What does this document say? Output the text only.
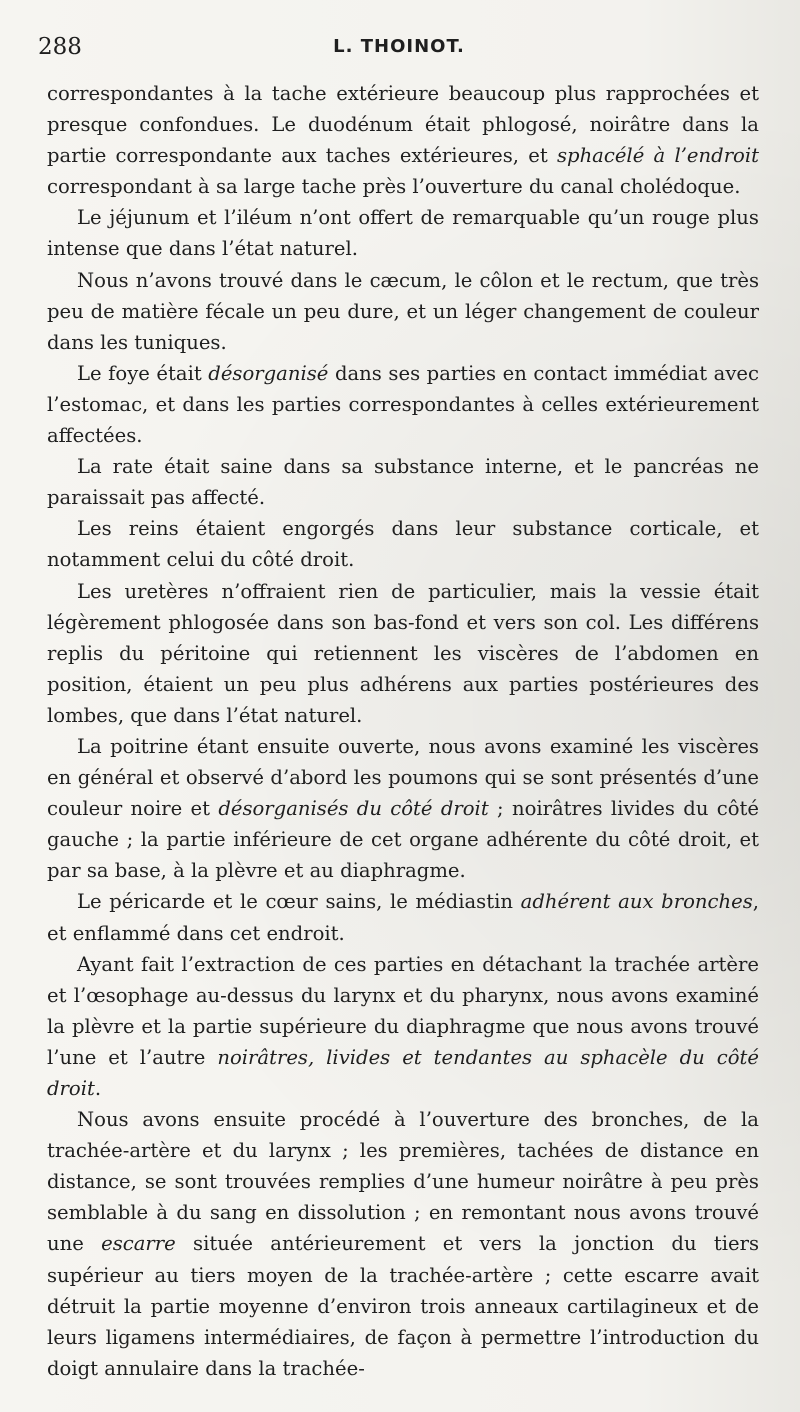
288	L. THOINOT.

correspondantes à la tache extérieure beaucoup plus rapprochées et presque confondues. Le duodénum était phlogosé, noirâtre dans la partie correspondante aux taches extérieures, et sphacélé à l’endroit correspondant à sa large tache près l’ouverture du canal cholédoque.

Le jéjunum et l’iléum n’ont offert de remarquable qu’un rouge plus intense que dans l’état naturel.

Nous n’avons trouvé dans le cæcum, le côlon et le rectum, que très peu de matière fécale un peu dure, et un léger changement de couleur dans les tuniques.

Le foye était désorganisé dans ses parties en contact immédiat avec l’estomac, et dans les parties correspondantes à celles extérieurement affectées.

La rate était saine dans sa substance interne, et le pancréas ne paraissait pas affecté.

Les reins étaient engorgés dans leur substance corticale, et notamment celui du côté droit.

Les uretères n’offraient rien de particulier, mais la vessie était légèrement phlogosée dans son bas-fond et vers son col. Les différens replis du péritoine qui retiennent les viscères de l’abdomen en position, étaient un peu plus adhérens aux parties postérieures des lombes, que dans l’état naturel.

La poitrine étant ensuite ouverte, nous avons examiné les viscères en général et observé d’abord les poumons qui se sont présentés d’une couleur noire et désorganisés du côté droit ; noirâtres livides du côté gauche ; la partie inférieure de cet organe adhérente du côté droit, et par sa base, à la plèvre et au diaphragme.

Le péricarde et le cœur sains, le médiastin adhérent aux bronches, et enflammé dans cet endroit.

Ayant fait l’extraction de ces parties en détachant la trachée artère et l’œsophage au-dessus du larynx et du pharynx, nous avons examiné la plèvre et la partie supérieure du diaphragme que nous avons trouvé l’une et l’autre noirâtres, livides et tendantes au sphacèle du côté droit.

Nous avons ensuite procédé à l’ouverture des bronches, de la trachée-artère et du larynx ; les premières, tachées de distance en distance, se sont trouvées remplies d’une humeur noirâtre à peu près semblable à du sang en dissolution ; en remontant nous avons trouvé une escarre située antérieurement et vers la jonction du tiers supérieur au tiers moyen de la trachée-artère ; cette escarre avait détruit la partie moyenne d’environ trois anneaux cartilagineux et de leurs ligamens intermédiaires, de façon à permettre l’introduction du doigt annulaire dans la trachée-
